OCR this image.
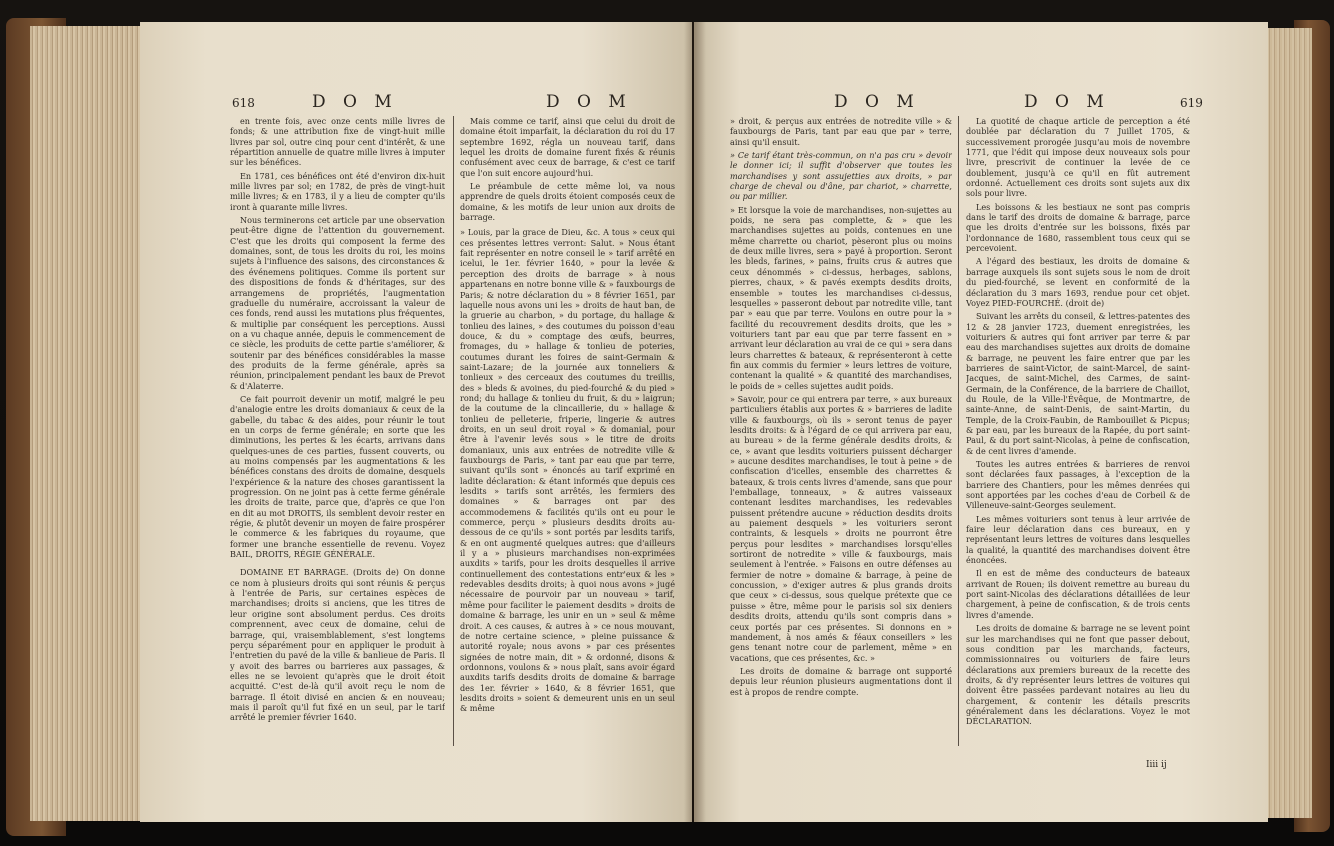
618	D O M	D O M

en trente fois, avec onze cents mille livres de fonds; & une attribution fixe de vingt-huit mille livres par sol, outre cinq pour cent d'intérêt, & une répartition annuelle de quatre mille livres à imputer sur les bénéfices.

En 1781, ces bénéfices ont été d'environ dix-huit mille livres par sol; en 1782, de près de vingt-huit mille livres; & en 1783, il y a lieu de compter qu'ils iront à quarante mille livres.

Nous terminerons cet article par une observation peut-être digne de l'attention du gouvernement. C'est que les droits qui composent la ferme des domaines, sont, de tous les droits du roi, les moins sujets à l'influence des saisons, des circonstances & des événemens politiques. Comme ils portent sur des dispositions de fonds & d'héritages, sur des arrangemens de propriétés, l'augmentation graduelle du numéraire, accroissant la valeur de ces fonds, rend aussi les mutations plus fréquentes, & multiplie par conséquent les perceptions. Aussi on a vu chaque année, depuis le commencement de ce siècle, les produits de cette partie s'améliorer, & soutenir par des bénéfices considérables la masse des produits de la ferme générale, après sa réunion, principalement pendant les baux de Prevot & d'Alaterre.

Ce fait pourroit devenir un motif, malgré le peu d'analogie entre les droits domaniaux & ceux de la gabelle, du tabac & des aides, pour réunir le tout en un corps de ferme générale; en sorte que les diminutions, les pertes & les écarts, arrivans dans quelques-unes de ces parties, fussent couverts, ou au moins compensés par les augmentations & les bénéfices constans des droits de domaine, desquels l'expérience & la nature des choses garantissent la progression. On ne joint pas à cette ferme générale les droits de traite, parce que, d'après ce que l'on en dit au mot DROITS, ils semblent devoir rester en régie, & plutôt devenir un moyen de faire prospérer le commerce & les fabriques du royaume, que former une branche essentielle de revenu. Voyez BAIL, DROITS, RÉGIE GÉNÉRALE.

DOMAINE ET BARRAGE. (Droits de) On donne ce nom à plusieurs droits qui sont réunis & perçus à l'entrée de Paris, sur certaines espèces de marchandises; droits si anciens, que les titres de leur origine sont absolument perdus. Ces droits comprennent, avec ceux de domaine, celui de barrage, qui, vraisemblablement, s'est longtems perçu séparément pour en appliquer le produit à l'entretien du pavé de la ville & banlieue de Paris. Il y avoit des barres ou barrieres aux passages, & elles ne se levoient qu'après que le droit étoit acquitté. C'est de-là qu'il avoit reçu le nom de barrage. Il étoit divisé en ancien & en nouveau; mais il paroît qu'il fut fixé en un seul, par le tarif arrêté le premier février 1640.

Mais comme ce tarif, ainsi que celui du droit de domaine étoit imparfait, la déclaration du roi du 17 septembre 1692, régla un nouveau tarif, dans lequel les droits de domaine furent fixés & réunis confusément avec ceux de barrage, & c'est ce tarif que l'on suit encore aujourd'hui.

Le préambule de cette même loi, va nous apprendre de quels droits étoient composés ceux de domaine, & les motifs de leur union aux droits de barrage.

» Louis, par la grace de Dieu, &c. A tous » ceux qui ces présentes lettres verront: Salut. » Nous étant fait représenter en notre conseil le » tarif arrêté en icelui, le 1er. février 1640, » pour la levée & perception des droits de barrage » à nous appartenans en notre bonne ville & » fauxbourgs de Paris; & notre déclaration du » 8 février 1651, par laquelle nous avons uni les » droits de haut ban, de la gruerie au charbon, » du portage, du hallage & tonlieu des laines, » des coutumes du poisson d'eau douce, & du » comptage des œufs, beurres, fromages, du » hallage & tonlieu de poteries, coutumes durant les foires de saint-Germain & saint-Lazare; de la journée aux tonneliers & tonlieux » des cerceaux des coutumes du treillis, des » bleds & avoines, du pied-fourché & du pied » rond; du hallage & tonlieu du fruit, & du » laigrun; de la coutume de la clincaillerie, du » hallage & tonlieu de pelleterie, friperie, lingerie & autres droits, en un seul droit royal » & domanial, pour être à l'avenir levés sous » le titre de droits domaniaux, unis aux entrées de notredite ville & fauxbourgs de Paris, » tant par eau que par terre, suivant qu'ils sont » énoncés au tarif exprimé en ladite déclaration: & étant informés que depuis ces lesdits » tarifs sont arrêtés, les fermiers des domaines » & barrages ont par des accommodemens & facilités qu'ils ont eu pour le commerce, perçu » plusieurs desdits droits au-dessous de ce qu'ils » sont portés par lesdits tarifs, & en ont augmenté quelques autres: que d'ailleurs il y a » plusieurs marchandises non-exprimées auxdits » tarifs, pour les droits desquelles il arrive continuellement des contestations entr'eux & les » redevables desdits droits; à quoi nous avons » jugé nécessaire de pourvoir par un nouveau » tarif, même pour faciliter le paiement desdits » droits de domaine & barrage, les unir en un » seul & même droit. A ces causes, & autres à » ce nous mouvant, de notre certaine science, » pleine puissance & autorité royale; nous avons » par ces présentes signées de notre main, dit » & ordonné, disons & ordonnons, voulons & » nous plaît, sans avoir égard auxdits tarifs desdits droits de domaine & barrage des 1er. février » 1640, & 8 février 1651, que lesdits droits » soient & demeurent unis en un seul & même

D O M	D O M	619

» droit, & perçus aux entrées de notredite ville » & fauxbourgs de Paris, tant par eau que par » terre, ainsi qu'il ensuit.

» Ce tarif étant très-commun, on n'a pas cru » devoir le donner ici; il suffit d'observer que toutes les marchandises y sont assujetties aux droits, » par charge de cheval ou d'âne, par chariot, » charrette, ou par millier.

» Et lorsque la voie de marchandises, non-sujettes au poids, ne sera pas complette, & » que les marchandises sujettes au poids, contenues en une même charrette ou chariot, pèseront plus ou moins de deux mille livres, sera » payé à proportion. Seront les bleds, farines, » pains, fruits crus & autres que ceux dénommés » ci-dessus, herbages, sablons, pierres, chaux, » & pavés exempts desdits droits, ensemble » toutes les marchandises ci-dessus, lesquelles » passeront debout par notredite ville, tant par » eau que par terre. Voulons en outre pour la » facilité du recouvrement desdits droits, que les » voituriers tant par eau que par terre fassent en » arrivant leur déclaration au vrai de ce qui » sera dans leurs charrettes & bateaux, & représenteront à cette fin aux commis du fermier » leurs lettres de voiture, contenant la qualité » & quantité des marchandises, le poids de » celles sujettes audit poids.

» Savoir, pour ce qui entrera par terre, » aux bureaux particuliers établis aux portes & » barrieres de ladite ville & fauxbourgs, où ils » seront tenus de payer lesdits droits: & à l'égard de ce qui arrivera par eau, au bureau » de la ferme générale desdits droits, & ce, » avant que lesdits voituriers puissent décharger » aucune desdites marchandises, le tout à peine » de confiscation d'icelles, ensemble des charrettes & bateaux, & trois cents livres d'amende, sans que pour l'emballage, tonneaux, » & autres vaisseaux contenant lesdites marchandises, les redevables puissent prétendre aucune » réduction desdits droits au paiement desquels » les voituriers seront contraints, & lesquels » droits ne pourront être perçus pour lesdites » marchandises lorsqu'elles sortiront de notredite » ville & fauxbourgs, mais seulement à l'entrée. » Faisons en outre défenses au fermier de notre » domaine & barrage, à peine de concussion, » d'exiger autres & plus grands droits que ceux » ci-dessus, sous quelque prétexte que ce puisse » être, même pour le parisis sol six deniers desdits droits, attendu qu'ils sont compris dans » ceux portés par ces présentes. Si donnons en » mandement, à nos amés & féaux conseillers » les gens tenant notre cour de parlement, même » en vacations, que ces présentes, &c. »

Les droits de domaine & barrage ont supporté depuis leur réunion plusieurs augmentations dont il est à propos de rendre compte.

La quotité de chaque article de perception a été doublée par déclaration du 7 Juillet 1705, & successivement prorogée jusqu'au mois de novembre 1771, que l'édit qui impose deux nouveaux sols pour livre, prescrivit de continuer la levée de ce doublement, jusqu'à ce qu'il en fût autrement ordonné. Actuellement ces droits sont sujets aux dix sols pour livre.

Les boissons & les bestiaux ne sont pas compris dans le tarif des droits de domaine & barrage, parce que les droits d'entrée sur les boissons, fixés par l'ordonnance de 1680, rassemblent tous ceux qui se percevoient.

A l'égard des bestiaux, les droits de domaine & barrage auxquels ils sont sujets sous le nom de droit du pied-fourché, se levent en conformité de la déclaration du 3 mars 1693, rendue pour cet objet. Voyez PIED-FOURCHÉ. (droit de)

Suivant les arrêts du conseil, & lettres-patentes des 12 & 28 janvier 1723, duement enregistrées, les voituriers & autres qui font arriver par terre & par eau des marchandises sujettes aux droits de domaine & barrage, ne peuvent les faire entrer que par les barrieres de saint-Victor, de saint-Marcel, de saint-Jacques, de saint-Michel, des Carmes, de saint-Germain, de la Conférence, de la barriere de Chaillot, du Roule, de la Ville-l'Évêque, de Montmartre, de sainte-Anne, de saint-Denis, de saint-Martin, du Temple, de la Croix-Faubin, de Rambouillet & Picpus; & par eau, par les bureaux de la Rapée, du port saint-Paul, & du port saint-Nicolas, à peine de confiscation, & de cent livres d'amende.

Toutes les autres entrées & barrieres de renvoi sont déclarées faux passages, à l'exception de la barriere des Chantiers, pour les mêmes denrées qui sont apportées par les coches d'eau de Corbeil & de Villeneuve-saint-Georges seulement.

Les mêmes voituriers sont tenus à leur arrivée de faire leur déclaration dans ces bureaux, en y représentant leurs lettres de voitures dans lesquelles la qualité, la quantité des marchandises doivent être énoncées.

Il en est de même des conducteurs de bateaux arrivant de Rouen; ils doivent remettre au bureau du port saint-Nicolas des déclarations détaillées de leur chargement, à peine de confiscation, & de trois cents livres d'amende.

Les droits de domaine & barrage ne se levent point sur les marchandises qui ne font que passer debout, sous condition par les marchands, facteurs, commissionnaires ou voituriers de faire leurs déclarations aux premiers bureaux de la recette des droits, & d'y représenter leurs lettres de voitures qui doivent être passées pardevant notaires au lieu du chargement, & contenir les détails prescrits généralement dans les déclarations. Voyez le mot DÉCLARATION.

Iiii ij
